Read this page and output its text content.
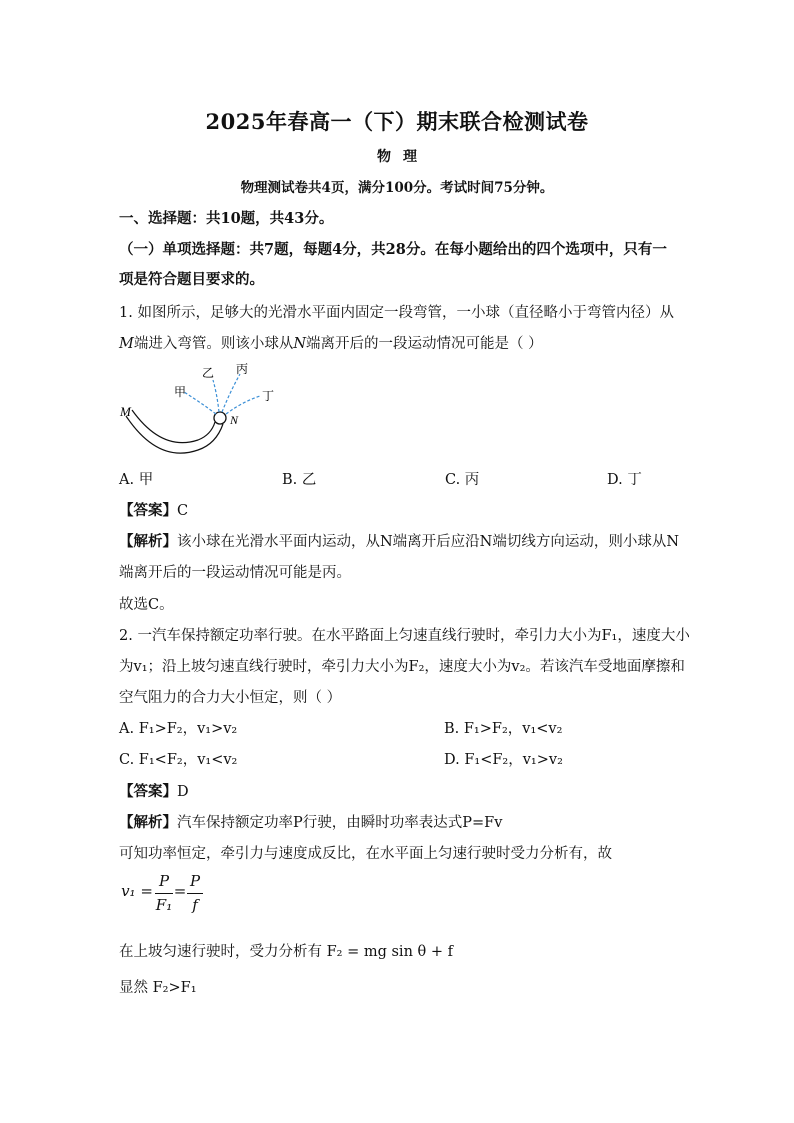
2025年春高一（下）期末联合检测试卷
物理
物理测试卷共4页，满分100分。考试时间75分钟。
一、选择题：共10题，共43分。
（一）单项选择题：共7题，每题4分，共28分。在每小题给出的四个选项中，只有一
项是符合题目要求的。
1. 如图所示，足够大的光滑水平面内固定一段弯管，一小球（直径略小于弯管内径）从
M端进入弯管。则该小球从N端离开后的一段运动情况可能是（ ）
M
N
甲
乙 丙
丁
A. 甲	B. 乙	C. 丙	D. 丁
【答案】C
【解析】该小球在光滑水平面内运动，从N端离开后应沿N端切线方向运动，则小球从N
端离开后的一段运动情况可能是丙。
故选C。
2. 一汽车保持额定功率行驶。在水平路面上匀速直线行驶时，牵引力大小为F₁，速度大小
为v₁；沿上坡匀速直线行驶时，牵引力大小为F₂，速度大小为v₂。若该汽车受地面摩擦和
空气阻力的合力大小恒定，则（ ）
A. F₁>F₂，v₁>v₂	B. F₁>F₂，v₁<v₂
C. F₁<F₂，v₁<v₂	D. F₁<F₂，v₁>v₂
【答案】D
【解析】汽车保持额定功率P行驶，由瞬时功率表达式P=Fv
可知功率恒定，牵引力与速度成反比，在水平面上匀速行驶时受力分析有，故
v₁ =
P
F₁
=
P
f
在上坡匀速行驶时，受力分析有 F₂ = mg sin θ + f
显然 F₂>F₁
